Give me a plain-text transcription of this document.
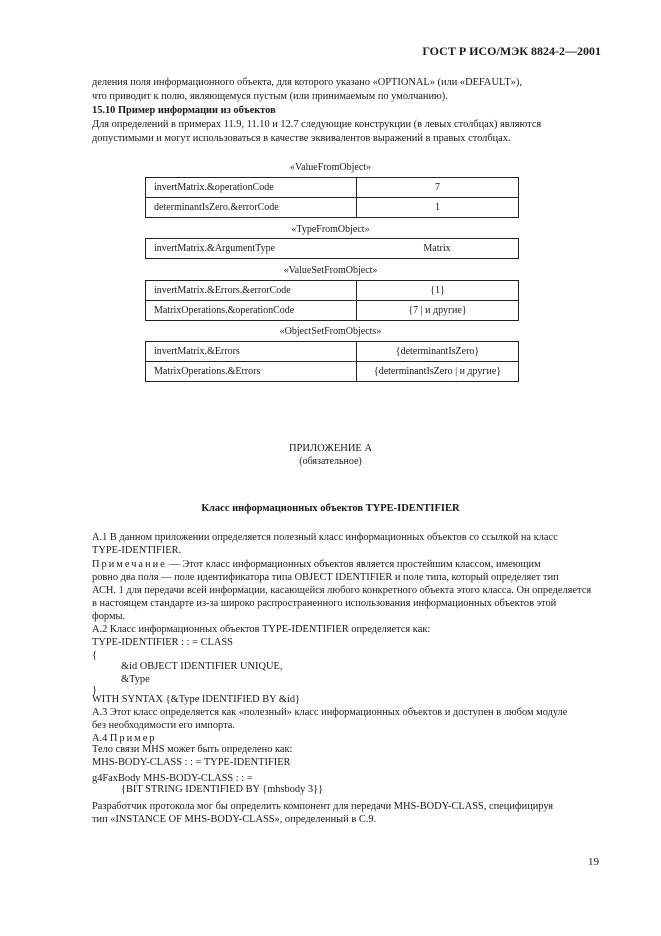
ГОСТ Р ИСО/МЭК 8824-2—2001
деления поля информационного объекта, для которого указано «OPTIONAL» (или «DEFAULT»),
что приводит к полю, являющемуся пустым (или принимаемым по умолчанию).
15.10 Пример информации из объектов
Для определений в примерах 11.9, 11.10 и 12.7 следующие конструкции (в левых столбцах) являются
допустимыми и могут использоваться в качестве эквивалентов выражений в правых столбцах.
«ValueFromObject»
invertMatrix.&operationCode	7
determinantIsZero.&errorCode	1
«TypeFromObject»
invertMatrix.&ArgumentType	Matrix
«ValueSetFromObject»
invertMatrix.&Errors.&errorCode	{1}
MatrixOperations.&operationCode	{7 | и другие}
«ObjectSetFromObjects»
invertMatrix.&Errors	{determinantIsZero}
MatrixOperations.&Errors	{determinantIsZero | и другие}
ПРИЛОЖЕНИЕ А
(обязательное)
Класс информационных объектов TYPE-IDENTIFIER
А.1 В данном приложении определяется полезный класс информационных объектов со ссылкой на класс
TYPE-IDENTIFIER.
Примечание — Этот класс информационных объектов является простейшим классом, имеющим
ровно два поля — поле идентификатора типа OBJECT IDENTIFIER и поле типа, который определяет тип
АСН. 1 для передачи всей информации, касающейся любого конкретного объекта этого класса. Он определяется
в настоящем стандарте из-за широко распространенного использования информационных объектов этой
формы.
А.2 Класс информационных объектов TYPE-IDENTIFIER определяется как:
TYPE-IDENTIFIER : : = CLASS
{
&id OBJECT IDENTIFIER UNIQUE,
&Type
}
WITH SYNTAX {&Type IDENTIFIED BY &id}
А.3 Этот класс определяется как «полезный» класс информационных объектов и доступен в любом модуле
без необходимости его импорта.
А.4 Пример
Тело связи MHS может быть определено как:
MHS-BODY-CLASS : : = TYPE-IDENTIFIER
g4FaxBody MHS-BODY-CLASS : : =
{BIT STRING IDENTIFIED BY {mhsbody 3}}
Разработчик протокола мог бы определить компонент для передачи MHS-BODY-CLASS, специфицируя
тип «INSTANCE OF MHS-BODY-CLASS», определенный в С.9.
19
